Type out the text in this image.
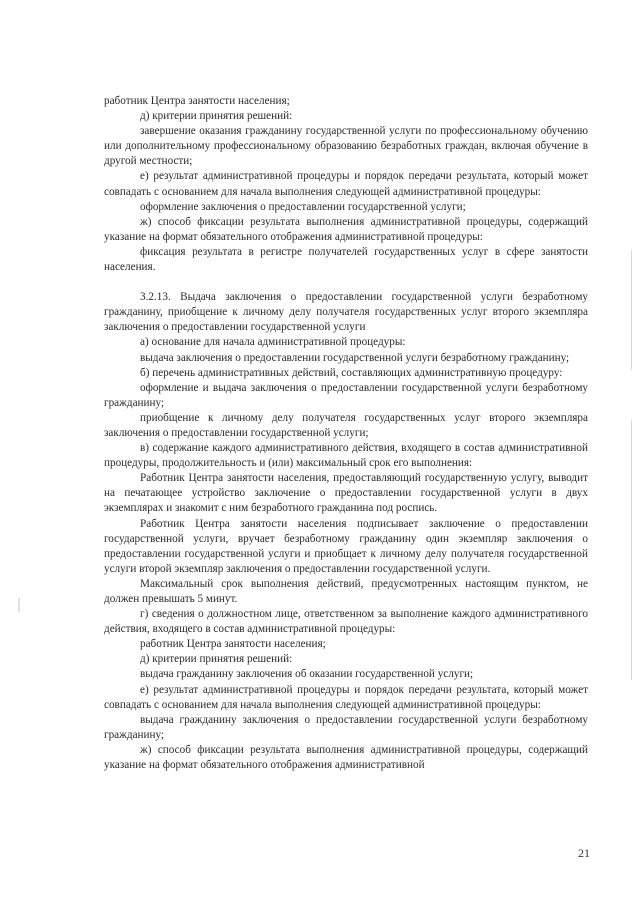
работник Центра занятости населения;

д) критерии принятия решений:

завершение оказания гражданину государственной услуги по профессиональному обучению или дополнительному профессиональному образованию безработных граждан, включая обучение в другой местности;

е) результат административной процедуры и порядок передачи результата, который может совпадать с основанием для начала выполнения следующей административной процедуры:

оформление заключения о предоставлении государственной услуги;

ж) способ фиксации результата выполнения административной процедуры, содержащий указание на формат обязательного отображения административной процедуры:

фиксация результата в регистре получателей государственных услуг в сфере занятости населения.

3.2.13. Выдача заключения о предоставлении государственной услуги безработному гражданину, приобщение к личному делу получателя государственных услуг второго экземпляра заключения о предоставлении государственной услуги

а) основание для начала административной процедуры:

выдача заключения о предоставлении государственной услуги безработному гражданину;

б) перечень административных действий, составляющих административную процедуру:

оформление и выдача заключения о предоставлении государственной услуги безработному гражданину;

приобщение к личному делу получателя государственных услуг второго экземпляра заключения о предоставлении государственной услуги;

в) содержание каждого административного действия, входящего в состав административной процедуры, продолжительность и (или) максимальный срок его выполнения:

Работник Центра занятости населения, предоставляющий государственную услугу, выводит на печатающее устройство заключение о предоставлении государственной услуги в двух экземплярах и знакомит с ним безработного гражданина под роспись.

Работник Центра занятости населения подписывает заключение о предоставлении государственной услуги, вручает безработному гражданину один экземпляр заключения о предоставлении государственной услуги и приобщает к личному делу получателя государственной услуги второй экземпляр заключения о предоставлении государственной услуги.

Максимальный срок выполнения действий, предусмотренных настоящим пунктом, не должен превышать 5 минут.

г) сведения о должностном лице, ответственном за выполнение каждого административного действия, входящего в состав административной процедуры:

работник Центра занятости населения;

д) критерии принятия решений:

выдача гражданину заключения об оказании государственной услуги;

е) результат административной процедуры и порядок передачи результата, который может совпадать с основанием для начала выполнения следующей административной процедуры:

выдача гражданину заключения о предоставлении государственной услуги безработному гражданину;

ж) способ фиксации результата выполнения административной процедуры, содержащий указание на формат обязательного отображения административной

21
